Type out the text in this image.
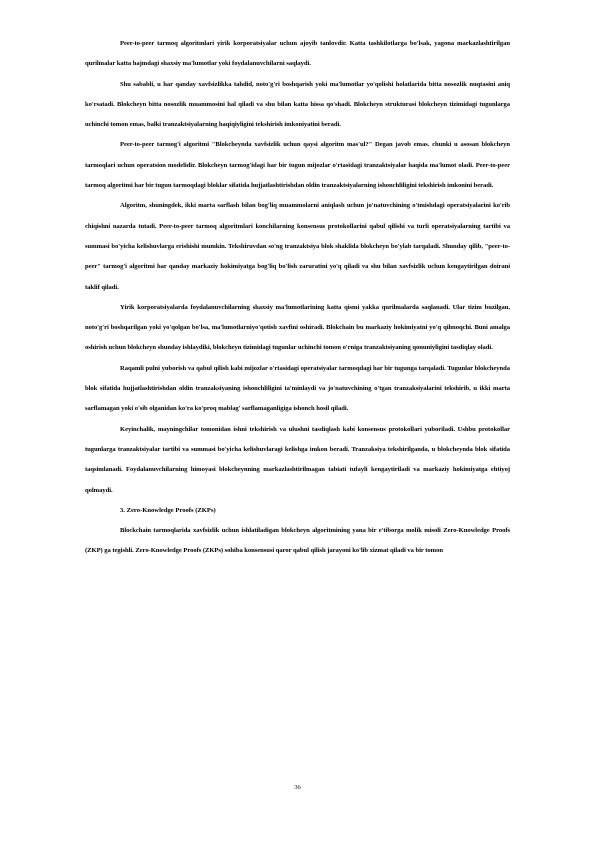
Peer-to-peer tarmoq algoritmlari yirik korporatsiyalar uchun ajoyib tanlovdir. Katta tashkilotlarga bo'lsak, yagona markazlashtirilgan qurilmalar katta hajmdagi shaxsiy ma'lumotlar yoki foydalanuvchilarni saqlaydi.

Shu sababli, u har qanday xavfsizlikka tahdid, noto'g'ri boshqarish yoki ma'lumotlar yo'qolishi holatlarida bitta nosozlik nuqtasini aniq ko'rsatadi. Blokcheyn bitta nosozlik muammosini hal qiladi va shu bilan katta hissa qo'shadi. Blokcheyn strukturasi blokcheyn tizimidagi tugunlarga uchinchi tomon emas, balki tranzaktsiyalarning haqiqiyligini tekshirish imkoniyatini beradi.

Peer-to-peer tarmog'i algoritmi "Blokcheynda xavfsizlik uchun qaysi algoritm mas'ul?" Degan javob emas. chunki u asosan blokcheyn tarmoqlari uchun operatsion modelidir. Blokcheyn tarmog'idagi har bir tugun mijozlar o'rtasidagi tranzaktsiyalar haqida ma'lumot oladi. Peer-to-peer tarmoq algoritmi har bir tugun tarmoqdagi bloklar sifatida hujjatlashtirishdan oldin tranzaktsiyalarning ishonchliligini tekshirish imkonini beradi.

Algoritm, shuningdek, ikki marta sarflash bilan bog'liq muammolarni aniqlash uchun jo'natuvchining o'tmishdagi operatsiyalarini ko'rib chiqishni nazarda tutadi. Peer-to-peer tarmoq algoritmlari konchilarning konsensus protokollarini qabul qilishi va turli operatsiyalarning tartibi va summasi bo'yicha kelishuvlarga erishishi mumkin. Tekshiruvdan so'ng tranzaktsiya blok shaklida blokcheyn bo'ylab tarqaladi. Shunday qilib, "peer-to-peer" tarmog'i algoritmi har qanday markaziy hokimiyatga bog'liq bo'lish zaruratini yo'q qiladi va shu bilan xavfsizlik uchun kengaytirilgan doirani taklif qiladi.

Yirik korporatsiyalarda foydalanuvchilarning shaxsiy ma'lumotlarining katta qismi yakka qurilmalarda saqlanadi. Ular tizim buzilgan, noto'g'ri boshqarilgan yoki yo'qolgan bo'lsa, ma'lumotlarniyo'qotish xavfini oshiradi. Blokchain bu markaziy hokimiyatni yo'q qilmoqchi. Buni amalga oshirish uchun blokcheyn shunday ishlaydiki, blokcheyn tizimidagi tugunlar uchinchi tomon o'rniga tranzaktsiyaning qonuniyligini tasdiqlay oladi.

Raqamli pulni yuborish va qabul qilish kabi mijozlar o'rtasidagi operatsiyalar tarmoqdagi har bir tugunga tarqaladi. Tugunlar blokcheynda blok sifatida hujjatlashtirishdan oldin tranzaksiyaning ishonchliligini ta'minlaydi va jo'natuvchining o'tgan tranzaksiyalarini tekshirib, u ikki marta sarflamagan yoki o'sib olganidan ko'ra ko'proq mablag' sarflamaganligiga ishonch hosil qiladi.

Keyinchalik, mayningchilar tomonidan ishni tekshirish va ulushni tasdiqlash kabi konsensus protokollari yuboriladi. Ushbu protokollar tugunlarga tranzaktsiyalar tartibi va summasi bo'yicha kelishuvlaragi kelishga imkon beradi. Tranzaksiya tekshirilganda, u blokcheynda blok sifatida taqsimlanadi. Foydalanuvchilarning himoyasi blokcheynning markazlashtirilmagan tabiati tufayli kengaytiriladi va markaziy hokimiyatga ehtiyoj qolmaydi.

3. Zero-Knowledge Proofs (ZKPs)

Blockchain tarmoqlarida xavfsizlik uchun ishlatiladigan blokcheyn algoritmining yana bir e'tiborga molik misoli Zero-Knowledge Proofs (ZKP) ga tegishli. Zero-Knowledge Proofs (ZKPs) sohiba konsensusi qaror qabul qilish jarayoni ko'lib xizmat qiladi va bir tomon

36
